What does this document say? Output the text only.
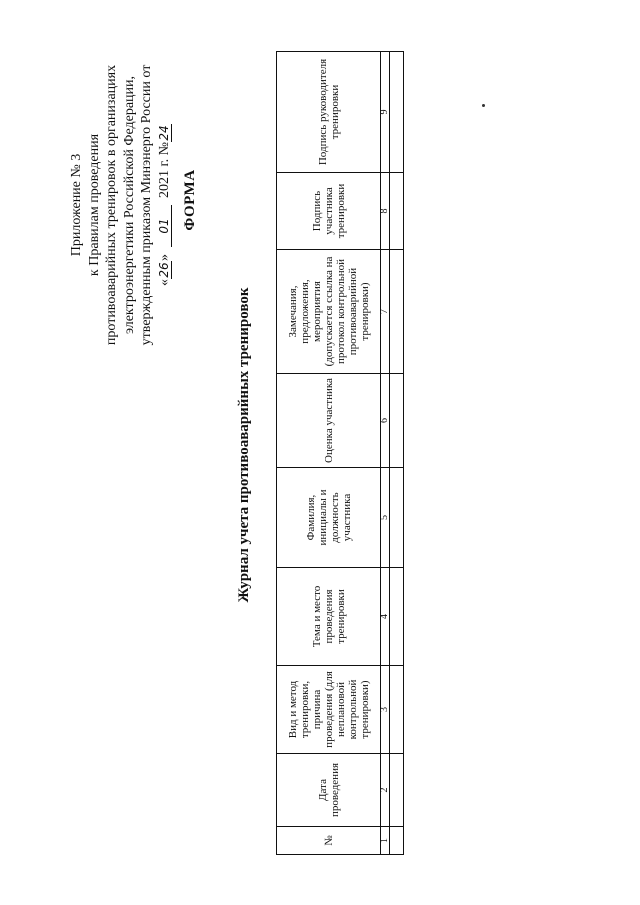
Приложение № 3 к Правилам проведения противоаварийных тренировок в организациях электроэнергетики Российской Федерации, утвержденным приказом Минэнерго России от «26»  01  2021 г. №24
ФОРМА
Журнал учета противоаварийных тренировок
№	Дата проведения	Вид и метод тренировки, причина проведения (для неплановой контрольной тренировки)	Тема и место проведения тренировки	Фамилия, инициалы и должность участника	Оценка участника	Замечания, предложения, мероприятия (допускается ссылка на протокол контрольной противоаварийной тренировки)	Подпись участника тренировки	Подпись руководителя тренировки
1	2	3	4	5	6	7	8	9
